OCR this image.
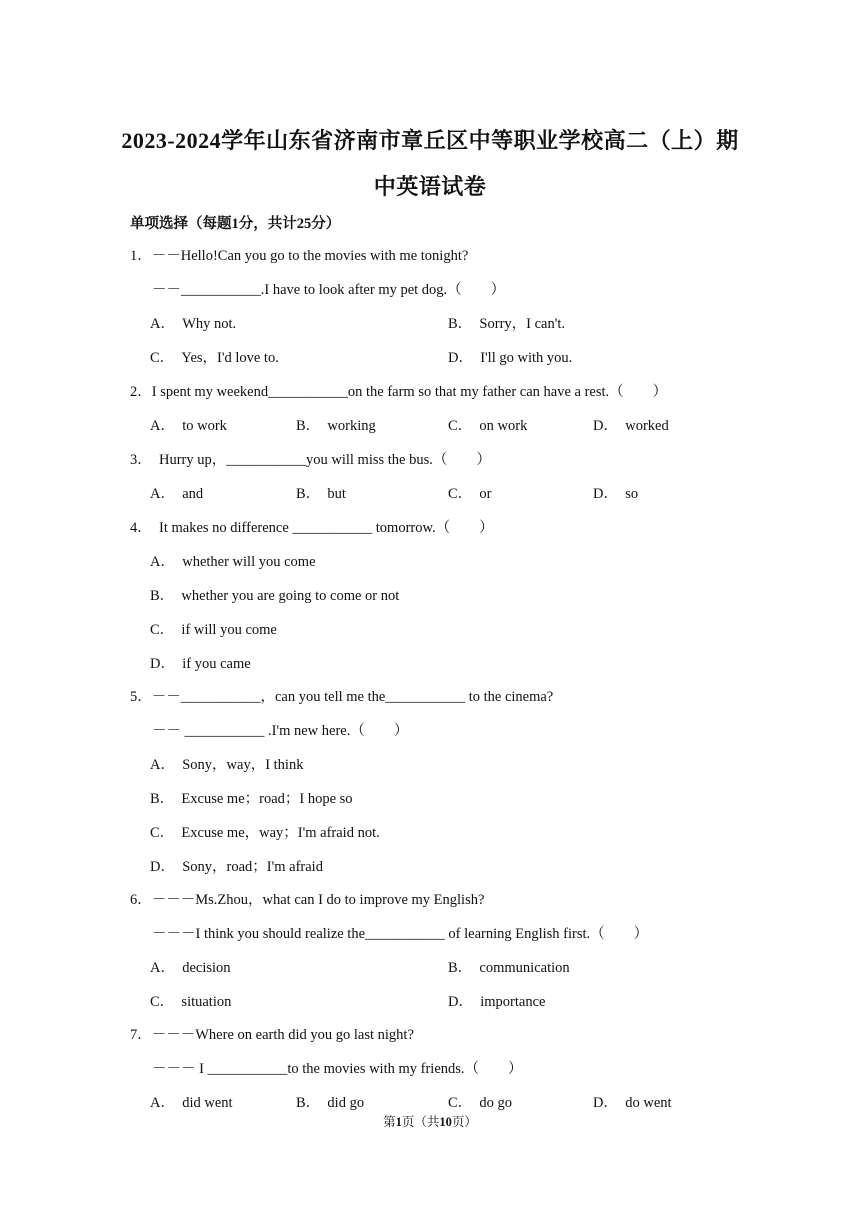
2023-2024学年山东省济南市章丘区中等职业学校高二（上）期
中英语试卷
单项选择（每题1分，共计25分）
1．－－Hello!Can you go to the movies with me tonight?
－－___________.I have to look after my pet dog.（　　）
A．　Why not.	B．　Sorry，I can't.
C．　Yes，I'd love to.	D．　I'll go with you.
2．I spent my weekend___________on the farm so that my father can have a rest.（　　）
A．　to work	B．　working	C．　on work	D．　worked
3．　Hurry up，___________you will miss the bus.（　　）
A．　and	B．　but	C．　or	D．　so
4．　It makes no difference ___________ tomorrow.（　　）
A．　whether will you come
B．　whether you are going to come or not
C．　if will you come
D．　if you came
5．－－___________，can you tell me the___________ to the cinema?
－－ ___________ .I'm new here.（　　）
A．　Sony，way，I think
B．　Excuse me；road；I hope so
C．　Excuse me，way；I'm afraid not.
D．　Sony，road；I'm afraid
6．－－－Ms.Zhou，what can I do to improve my English?
－－－I think you should realize the___________ of learning English first.（　　）
A．　decision	B．　communication
C．　situation	D．　importance
7．－－－Where on earth did you go last night?
－－－ I ___________to the movies with my friends.（　　）
A．　did went	B．　did go	C．　do go	D．　do went
第1页（共10页）
